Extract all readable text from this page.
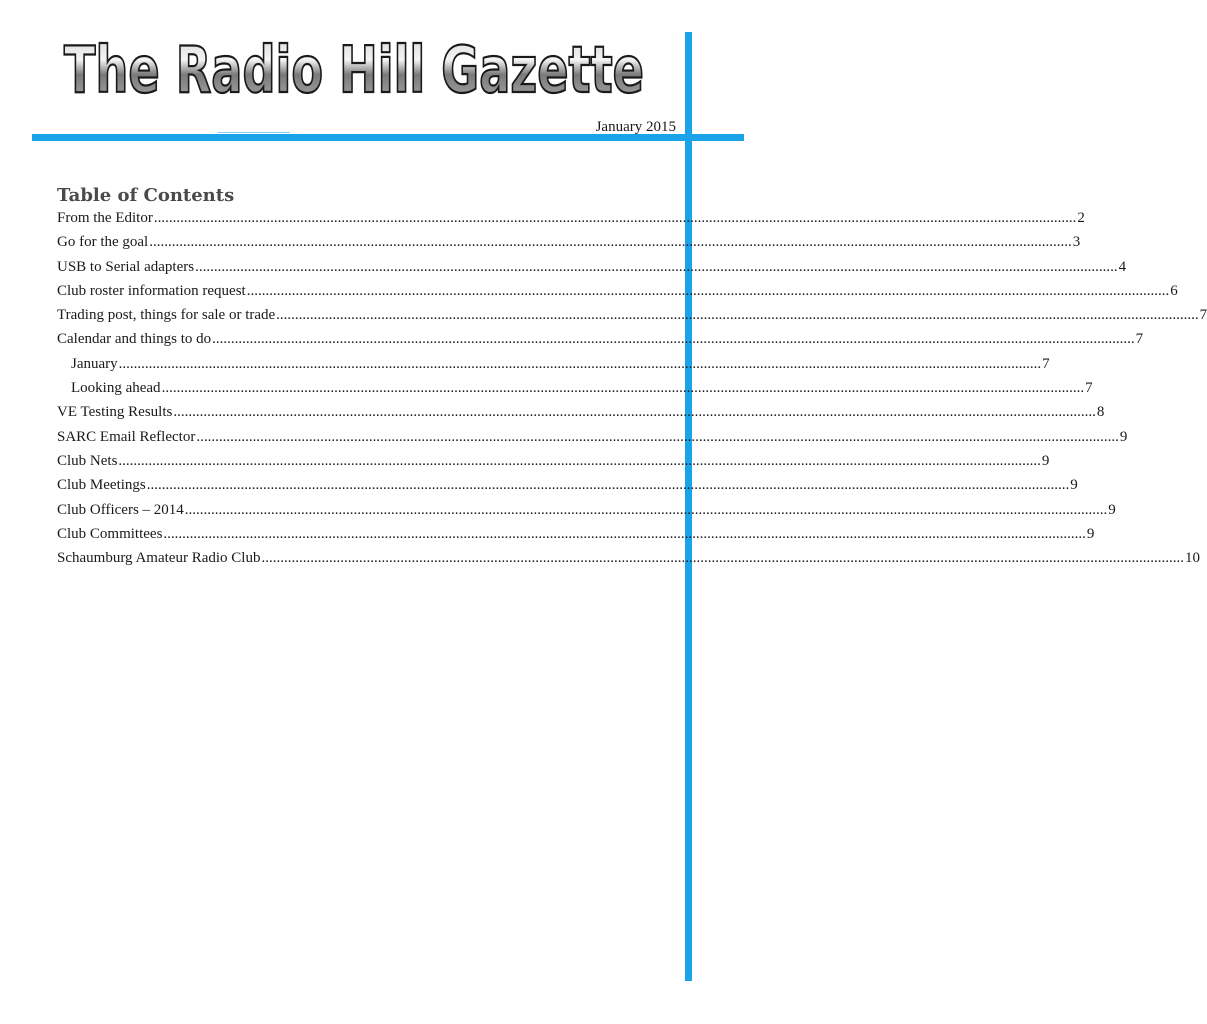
The Radio Hill Gazette
January 2015
Table of Contents
From the Editor .....	2
Go for the goal .....	3
USB to Serial adapters .....	4
Club roster information request .....	6
Trading post, things for sale or trade .....	7
Calendar and things to do .....	7
January .....	7
Looking ahead .....	7
VE Testing Results .....	8
SARC Email Reflector .....	9
Club Nets .....	9
Club Meetings .....	9
Club Officers – 2014 .....	9
Club Committees .....	9
Schaumburg Amateur Radio Club .....	10
